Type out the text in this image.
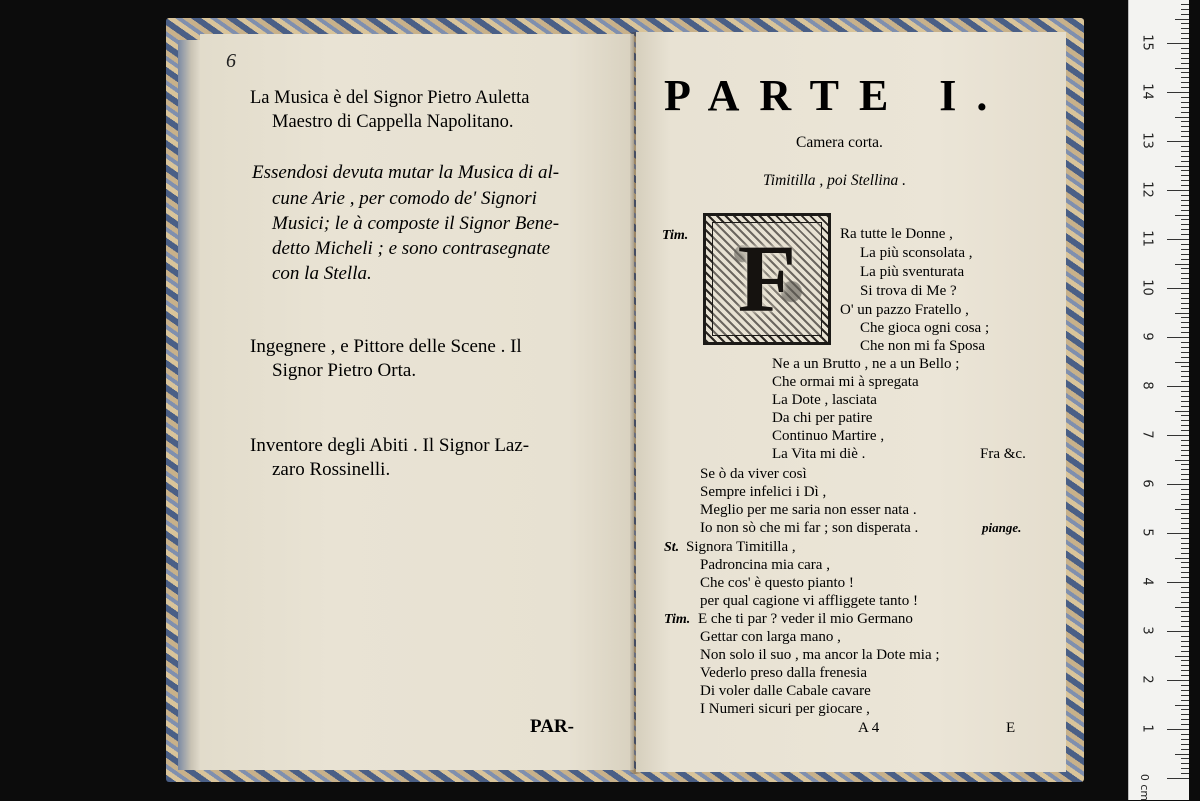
6
La Musica è del Signor Pietro Auletta
Maestro di Cappella Napolitano.
Essendosi devuta mutar la Musica di al-
cune Arie , per comodo de' Signori
Musici; le à composte il Signor Bene-
detto Micheli ; e sono contrasegnate
con la Stella.
Ingegnere , e Pittore delle Scene . Il
Signor Pietro Orta.
Inventore degli Abiti . Il Signor Laz-
zaro Rossinelli.
PAR-
PARTE I.
Camera corta.
Timitilla , poi Stellina .
Tim. F	Ra tutte le Donne ,
La più sconsolata ,
La più sventurata
Si trova di Me ?
O' un pazzo Fratello ,
Che gioca ogni cosa ;
Che non mi fa Sposa
Ne a un Brutto , ne a un Bello ;
Che ormai mi à spregata
La Dote , lasciata
Da chi per patire
Continuo Martire ,
La Vita mi diè .	Fra &c.
Se ò da viver così
Sempre infelici i Dì ,
Meglio per me saria non esser nata .
Io non sò che mi far ; son disperata .	piange.
St. Signora Timitilla ,
Padroncina mia cara ,
Che cos' è questo pianto !
per qual cagione vi affliggete tanto !
Tim. E che ti par ? veder il mio Germano
Gettar con larga mano ,
Non solo il suo , ma ancor la Dote mia ;
Vederlo preso dalla frenesia
Di voler dalle Cabale cavare
I Numeri sicuri per giocare ,
A 4	E
15
14
13
12
11
10
9
8
7
6
5
4
3
2
1
0 cm
